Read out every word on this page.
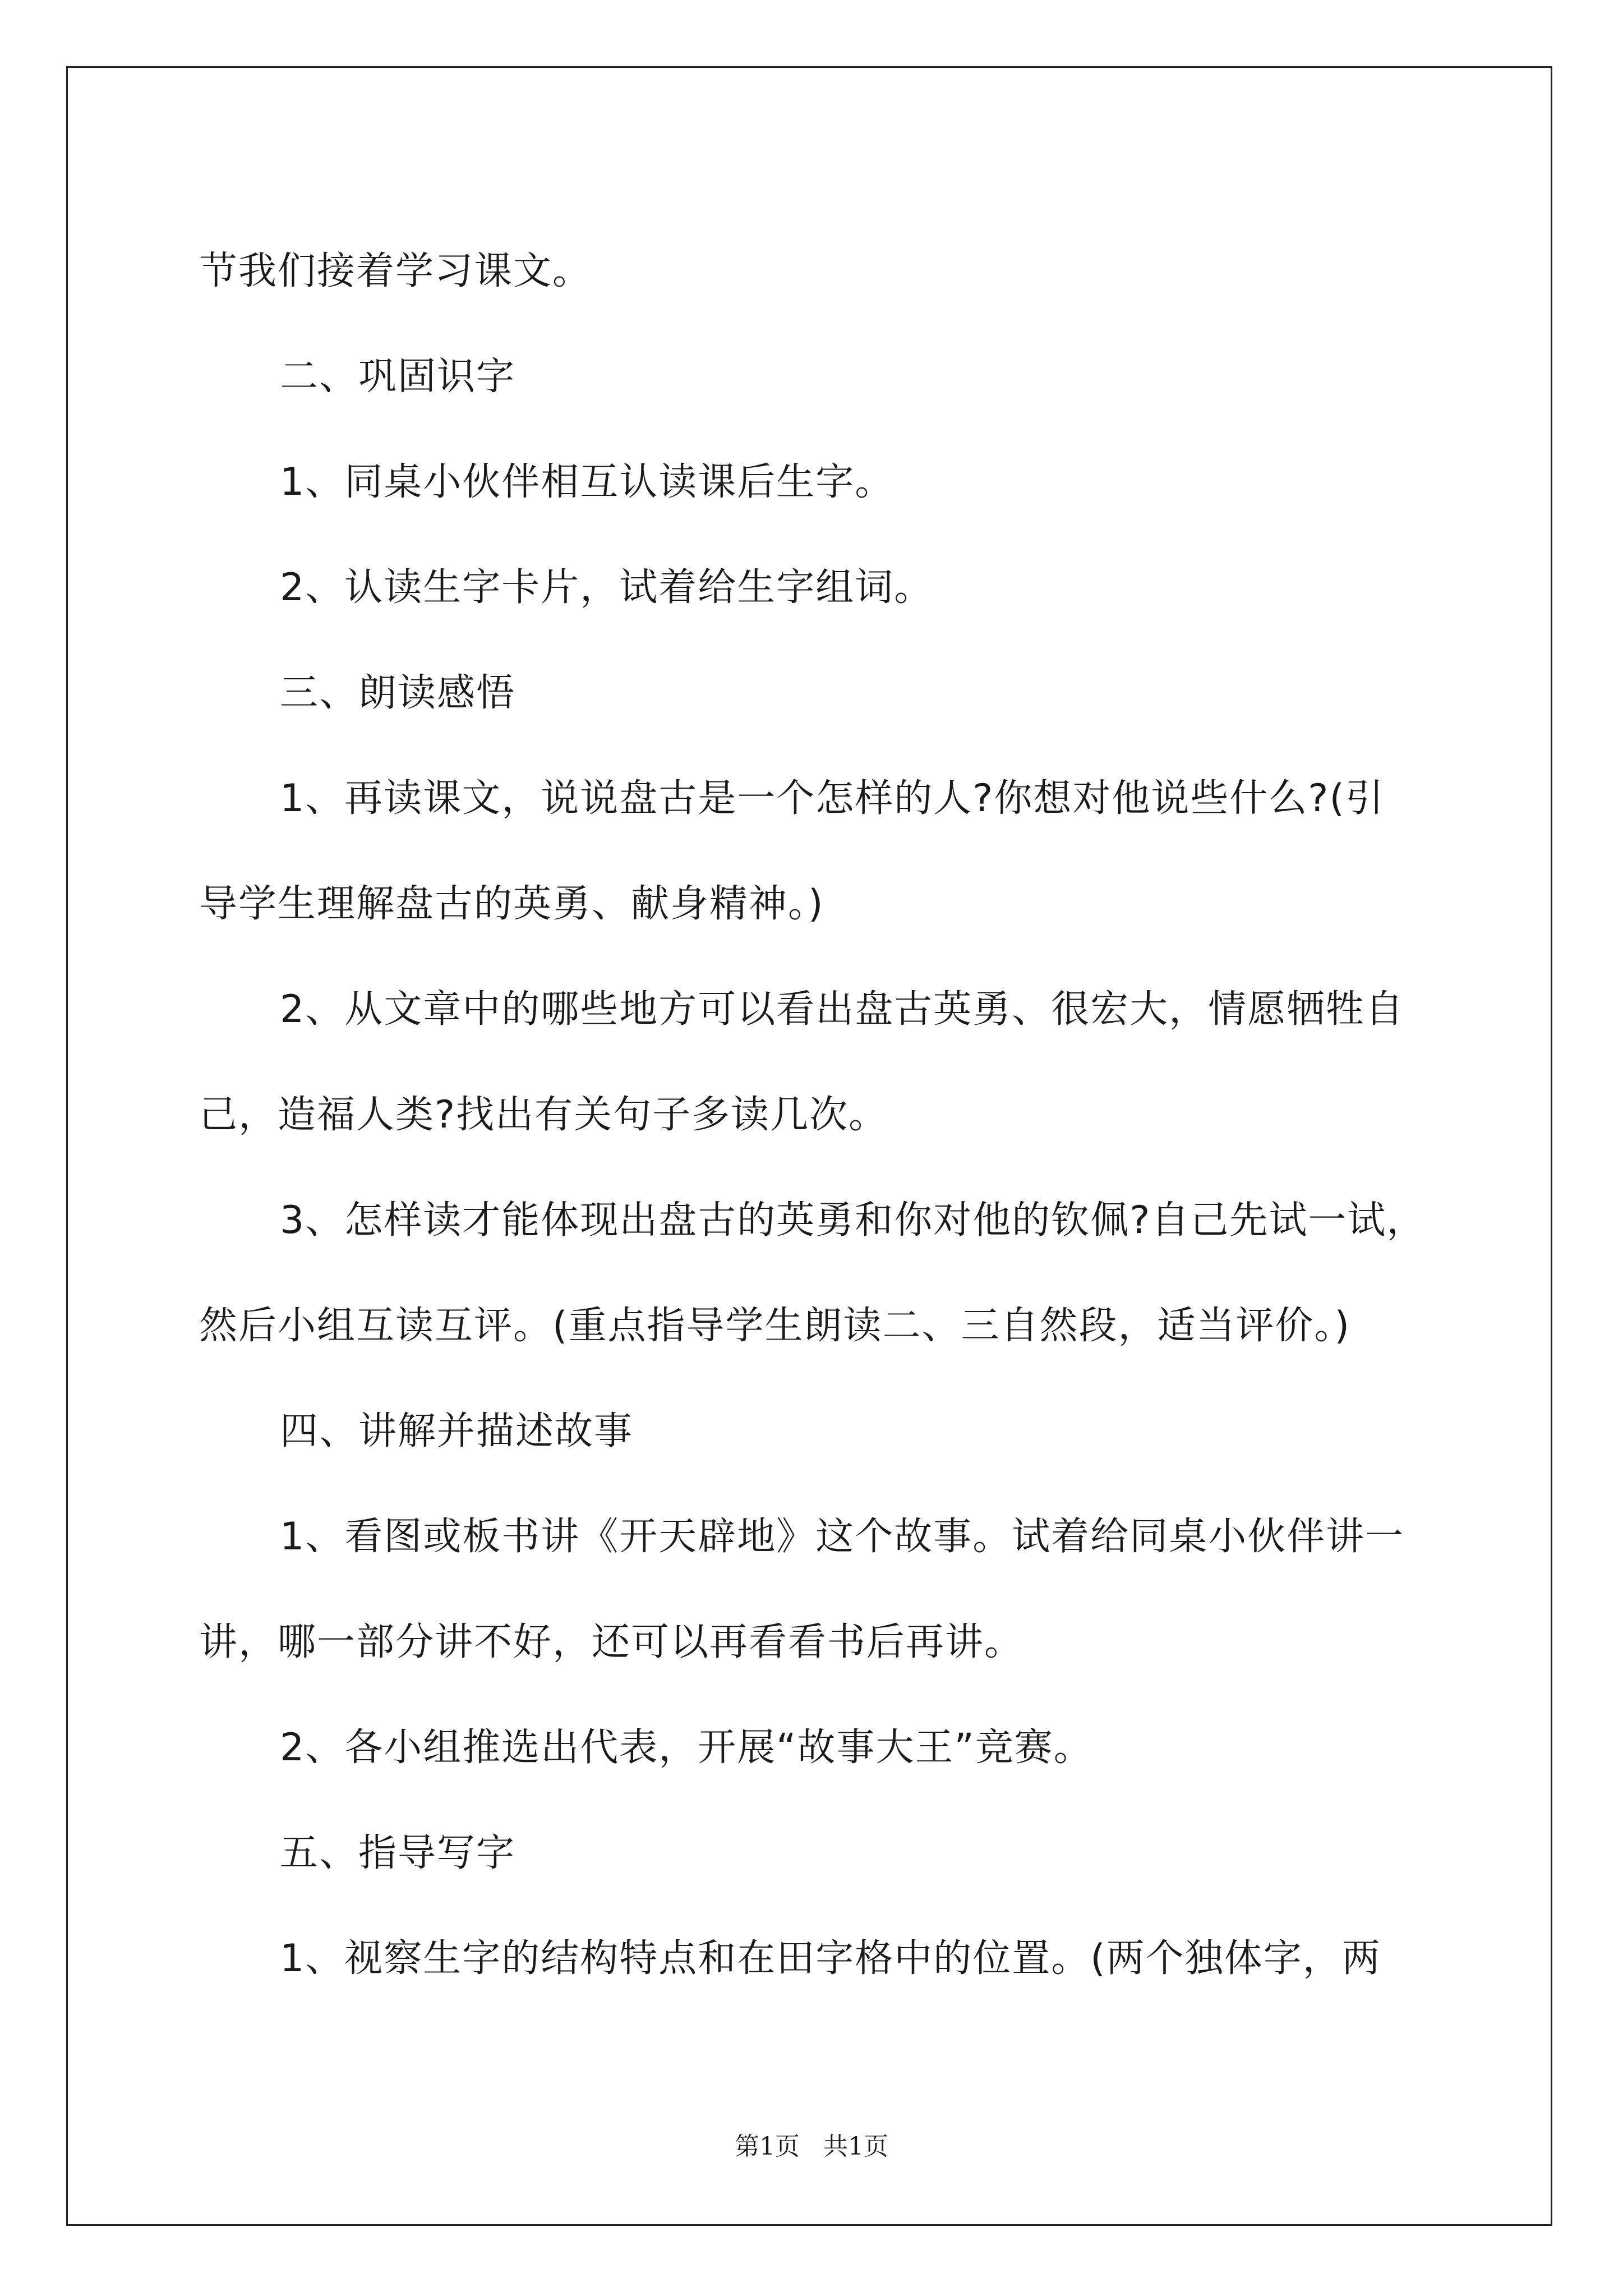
节我们接着学习课文。

二、巩固识字

1、同桌小伙伴相互认读课后生字。

2、认读生字卡片，试着给生字组词。

三、朗读感悟

1、再读课文，说说盘古是一个怎样的人?你想对他说些什么?(引

导学生理解盘古的英勇、献身精神。)

2、从文章中的哪些地方可以看出盘古英勇、很宏大，情愿牺牲自

己，造福人类?找出有关句子多读几次。

3、怎样读才能体现出盘古的英勇和你对他的钦佩?自己先试一试，

然后小组互读互评。(重点指导学生朗读二、三自然段，适当评价。)

四、讲解并描述故事

1、看图或板书讲《开天辟地》这个故事。试着给同桌小伙伴讲一

讲，哪一部分讲不好，还可以再看看书后再讲。

2、各小组推选出代表，开展“故事大王”竞赛。

五、指导写字

1、视察生字的结构特点和在田字格中的位置。(两个独体字，两

第1页 共1页
